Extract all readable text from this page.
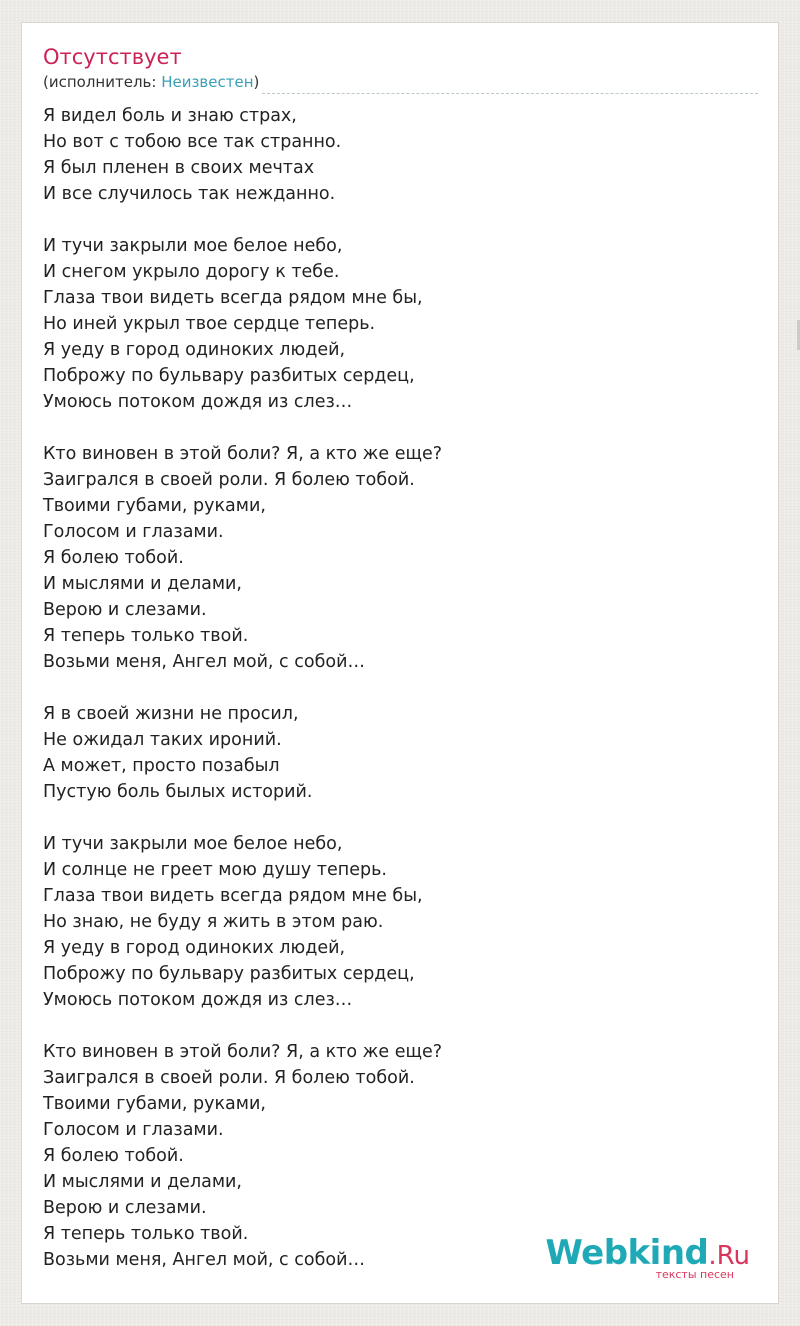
Отсутствует
(исполнитель: Неизвестен)
Я видел боль и знаю страх,
Но вот с тобою все так странно.
Я был пленен в своих мечтах
И все случилось так нежданно.
И тучи закрыли мое белое небо,
И снегом укрыло дорогу к тебе.
Глаза твои видеть всегда рядом мне бы,
Но иней укрыл твое сердце теперь.
Я уеду в город одиноких людей,
Поброжу по бульвару разбитых сердец,
Умоюсь потоком дождя из слез…
Кто виновен в этой боли? Я, а кто же еще?
Заигрался в своей роли. Я болею тобой.
Твоими губами, руками,
Голосом и глазами.
Я болею тобой.
И мыслями и делами,
Верою и слезами.
Я теперь только твой.
Возьми меня, Ангел мой, с собой…
Я в своей жизни не просил,
Не ожидал таких ироний.
А может, просто позабыл
Пустую боль былых историй.
И тучи закрыли мое белое небо,
И солнце не греет мою душу теперь.
Глаза твои видеть всегда рядом мне бы,
Но знаю, не буду я жить в этом раю.
Я уеду в город одиноких людей,
Поброжу по бульвару разбитых сердец,
Умоюсь потоком дождя из слез…
Кто виновен в этой боли? Я, а кто же еще?
Заигрался в своей роли. Я болею тобой.
Твоими губами, руками,
Голосом и глазами.
Я болею тобой.
И мыслями и делами,
Верою и слезами.
Я теперь только твой.
Возьми меня, Ангел мой, с собой…	Webkind.Ru
тексты песен
